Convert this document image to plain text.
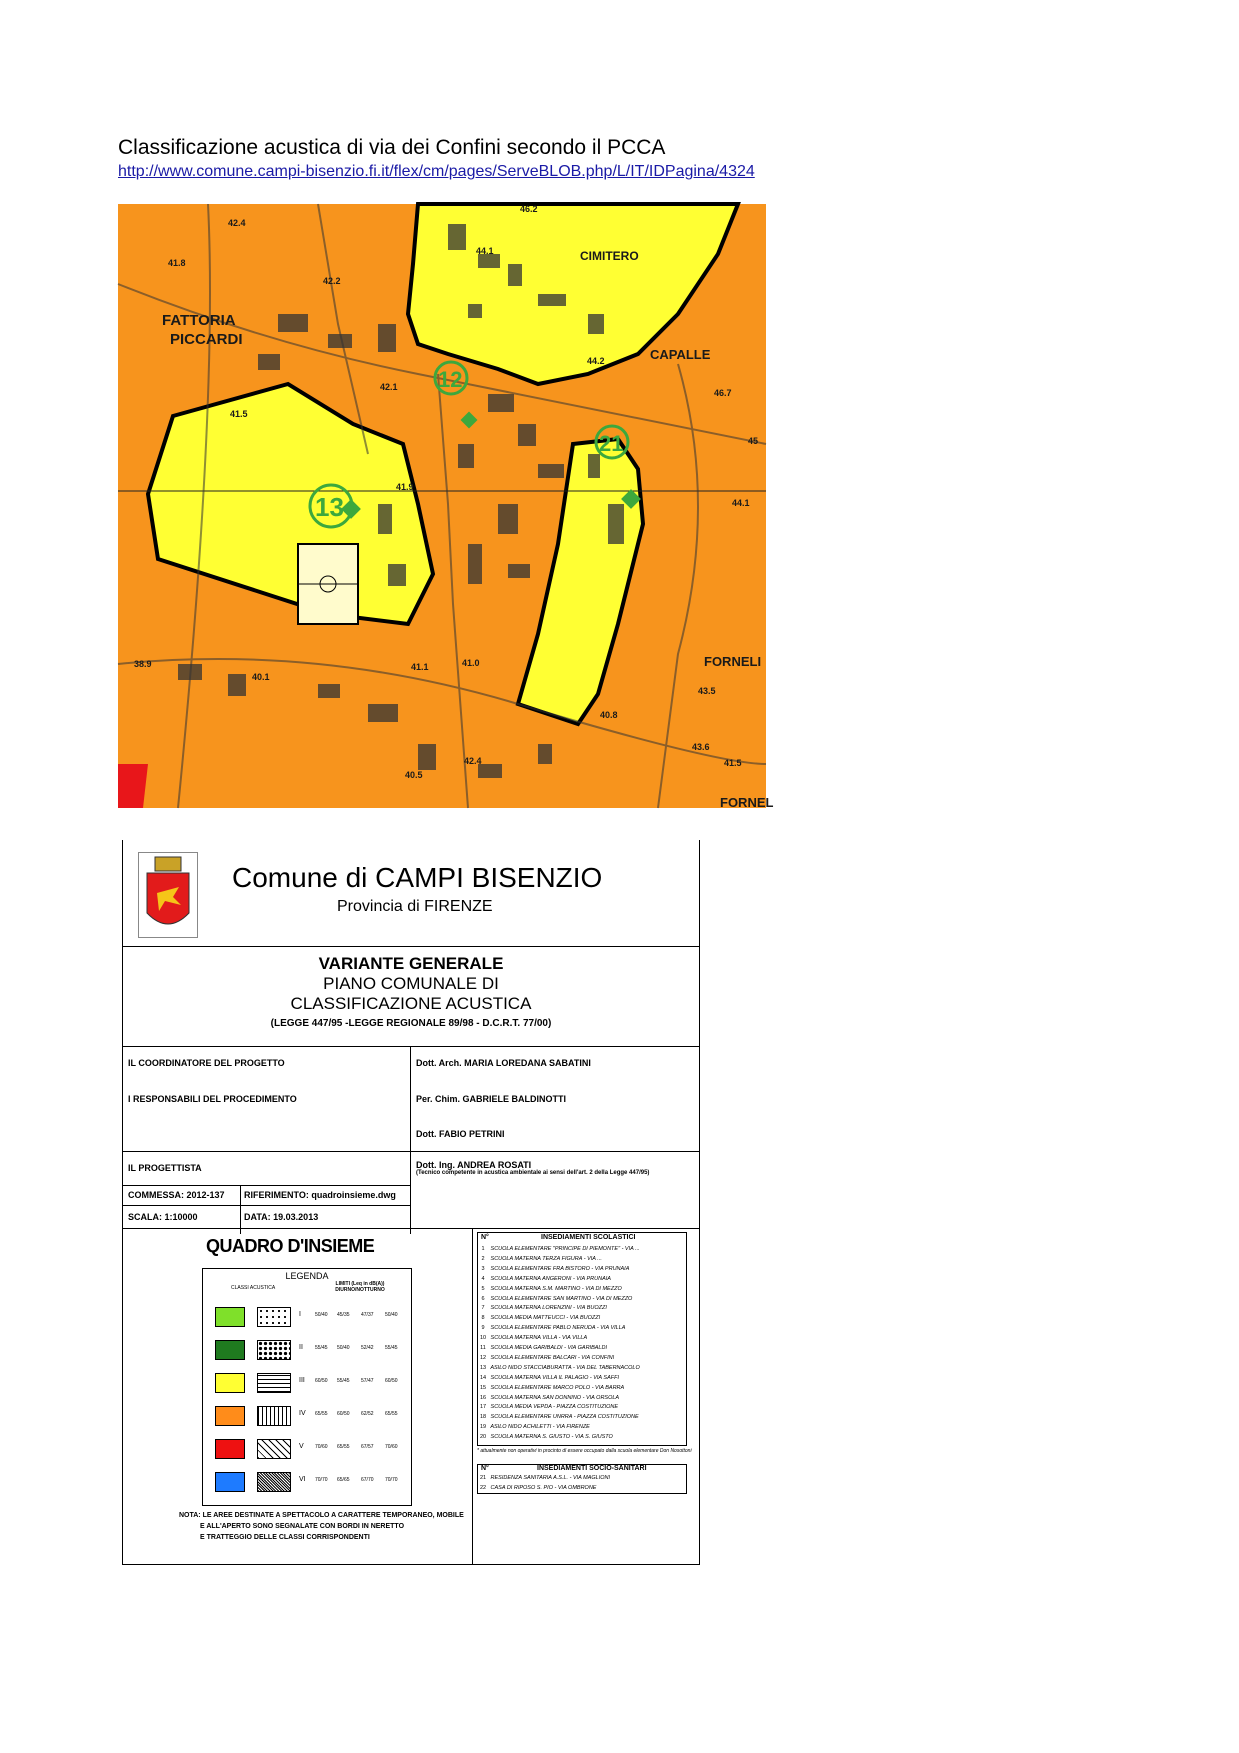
Classificazione acustica di via dei Confini secondo il PCCA
http://www.comune.campi-bisenzio.fi.it/flex/cm/pages/ServeBLOB.php/L/IT/IDPagina/4324
12
21
13
FATTORIA
PICCARDI
CIMITERO
CAPALLE
FORNELI
FORNEL
42.4
41.8
42.2
41.5
42.1
46.2
44.1
44.2
46.7
45
44.1
40.1
38.9	41.0
41.1
40.8
43.5
43.6
41.5
40.5
42.4
41.9
Comune di CAMPI BISENZIO
Provincia di FIRENZE
VARIANTE GENERALE
PIANO COMUNALE DI
CLASSIFICAZIONE ACUSTICA
(LEGGE 447/95 -LEGGE REGIONALE 89/98 - D.C.R.T. 77/00)
IL COORDINATORE DEL PROGETTO	Dott. Arch. MARIA LOREDANA SABATINI
I RESPONSABILI DEL PROCEDIMENTO	Per. Chim. GABRIELE BALDINOTTI
Dott. FABIO PETRINI
IL PROGETTISTA	Dott. Ing. ANDREA ROSATI
(Tecnico competente in acustica ambientale ai sensi dell'art. 2 della Legge 447/95)
COMMESSA: 2012-137 RIFERIMENTO: quadroinsieme.dwg
SCALA: 1:10000	DATA: 19.03.2013
QUADRO D'INSIEME
LEGENDA
CLASSI ACUSTICA
LIMITI (Leq in dB(A)) DIURNO/NOTTURNO
I	50/40 45/35 47/37 50/40
II 55/45 50/40 52/42 55/45
III 60/50 55/45 57/47 60/50
IV 65/55 60/50 62/52 65/55
V 70/60 65/55 67/57 70/60
VI 70/70 65/65 67/70 70/70
NOTA: LE AREE DESTINATE A SPETTACOLO A CARATTERE TEMPORANEO, MOBILE
E ALL'APERTO SONO SEGNALATE CON BORDI IN NERETTO
E TRATTEGGIO DELLE CLASSI CORRISPONDENTI
N°	INSEDIAMENTI SCOLASTICI
1 SCUOLA ELEMENTARE "PRINCIPE DI PIEMONTE" - VIA ...
2 SCUOLA MATERNA TERZA FIGURA - VIA ...
3 SCUOLA ELEMENTARE FRA BISTORO - VIA PRUNAIA
4 SCUOLA MATERNA ANGERONI - VIA PRUNAIA
5 SCUOLA MATERNA S.M. MARTINO - VIA DI MEZZO
6 SCUOLA ELEMENTARE SAN MARTINO - VIA DI MEZZO
7 SCUOLA MATERNA LORENZINI - VIA BUOZZI
8 SCUOLA MEDIA MATTEUCCI - VIA BUOZZI
9 SCUOLA ELEMENTARE PABLO NERUDA - VIA VILLA
10 SCUOLA MATERNA VILLA - VIA VILLA
11 SCUOLA MEDIA GARIBALDI - VIA GARIBALDI
12 SCUOLA ELEMENTARE BALCARI - VIA CONFINI
13 ASILO NIDO STACCIABURATTA - VIA DEL TABERNACOLO
14 SCUOLA MATERNA VILLA IL PALAGIO - VIA SAFFI
15 SCUOLA ELEMENTARE MARCO POLO - VIA BARRA
16 SCUOLA MATERNA SAN DONNINO - VIA ORSOLA
17 SCUOLA MEDIA VEPDA - PIAZZA COSTITUZIONE
18 SCUOLA ELEMENTARE UNRRA - PIAZZA COSTITUZIONE
19 ASILO NIDO ACHILETTI - VIA FIRENZE
20 SCUOLA MATERNA S. GIUSTO - VIA S. GIUSTO
* attualmente non operativi in procinto di essere occupato dalla scuola elementare Don Nosottoni
N°	INSEDIAMENTI SOCIO-SANITARI
21 RESIDENZA SANITARIA A.S.L. - VIA MAGLIONI
22 CASA DI RIPOSO S. PIO - VIA OMBRONE
